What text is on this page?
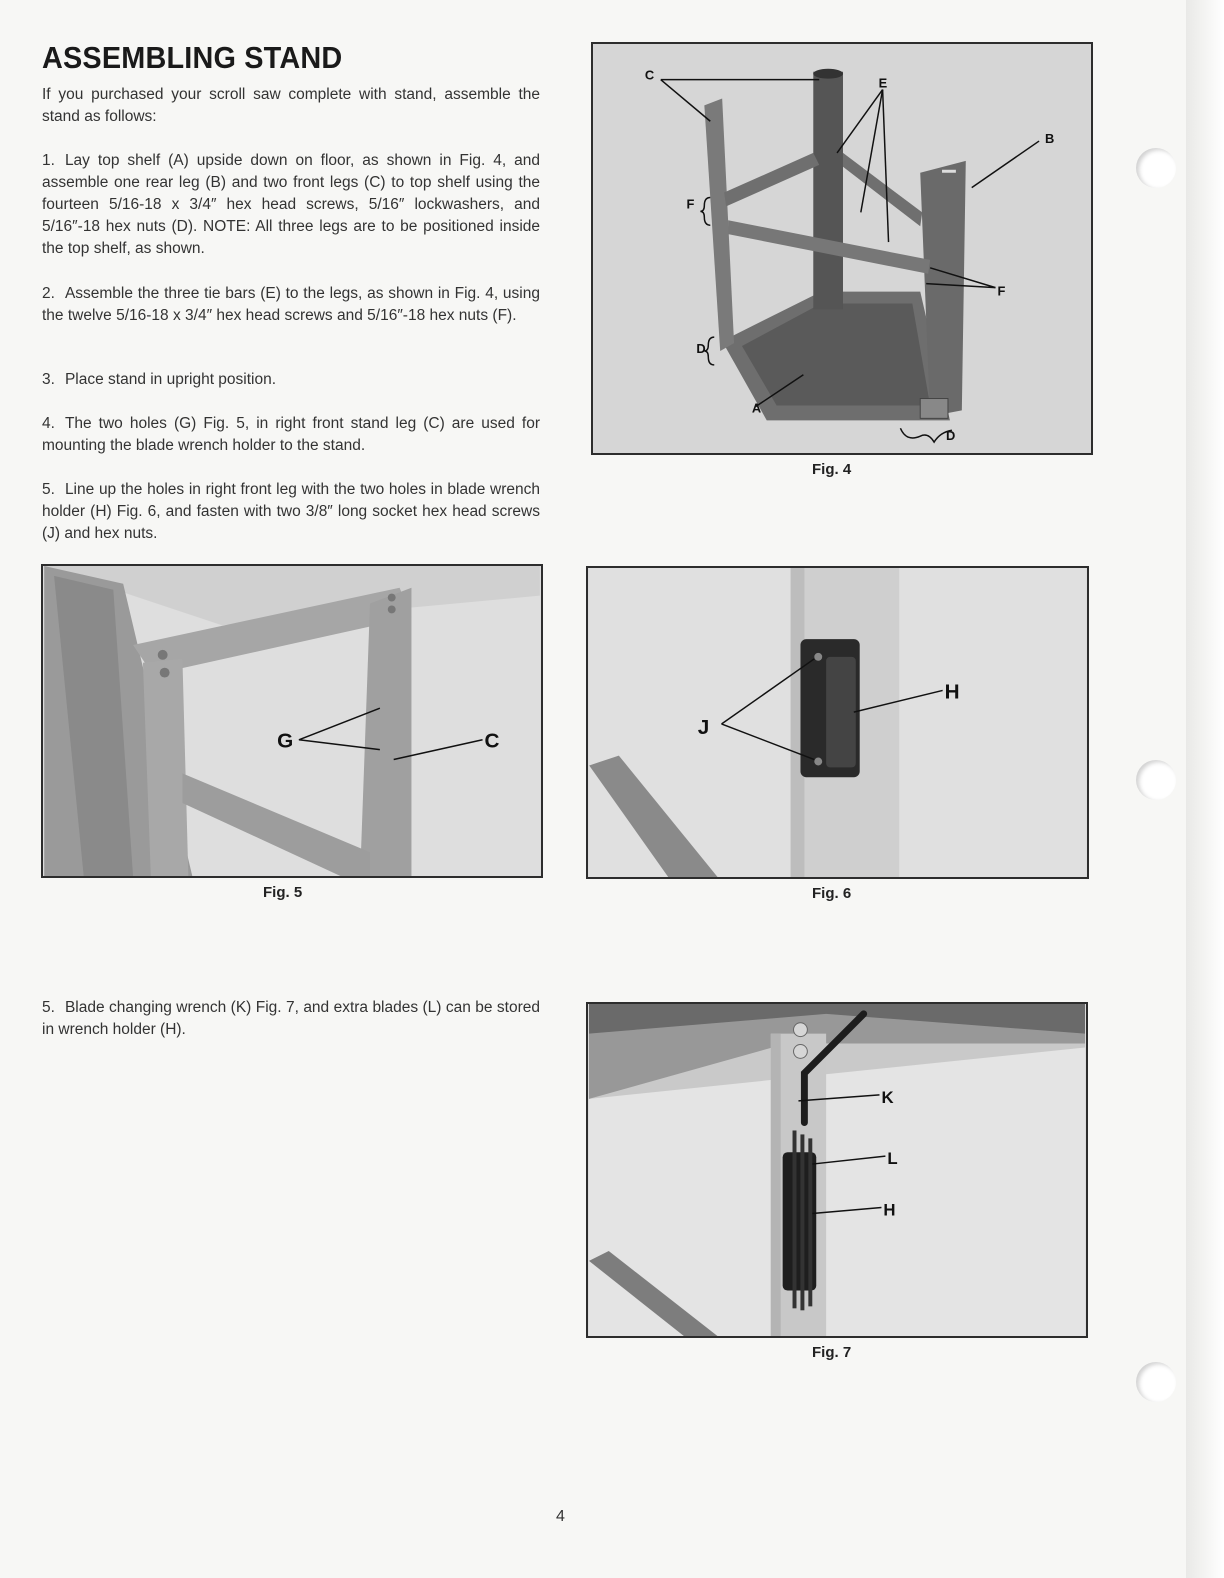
ASSEMBLING STAND

If you purchased your scroll saw complete with stand, assemble the stand as follows:

1. Lay top shelf (A) upside down on floor, as shown in Fig. 4, and assemble one rear leg (B) and two front legs (C) to top shelf using the fourteen 5/16-18 x 3/4″ hex head screws, 5/16″ lockwashers, and 5/16″-18 hex nuts (D). NOTE: All three legs are to be positioned inside the top shelf, as shown.

2. Assemble the three tie bars (E) to the legs, as shown in Fig. 4, using the twelve 5/16-18 x 3/4″ hex head screws and 5/16″-18 hex nuts (F).

3. Place stand in upright position.

4. The two holes (G) Fig. 5, in right front stand leg (C) are used for mounting the blade wrench holder to the stand.

5. Line up the holes in right front leg with the two holes in blade wrench holder (H) Fig. 6, and fasten with two 3/8″ long socket hex head screws (J) and hex nuts.

5. Blade changing wrench (K) Fig. 7, and extra blades (L) can be stored in wrench holder (H).

C
E
B
F
F
D
A
D
Fig. 4
G	C
Fig. 5
J
H
Fig. 6
K
L
H
Fig. 7
4
